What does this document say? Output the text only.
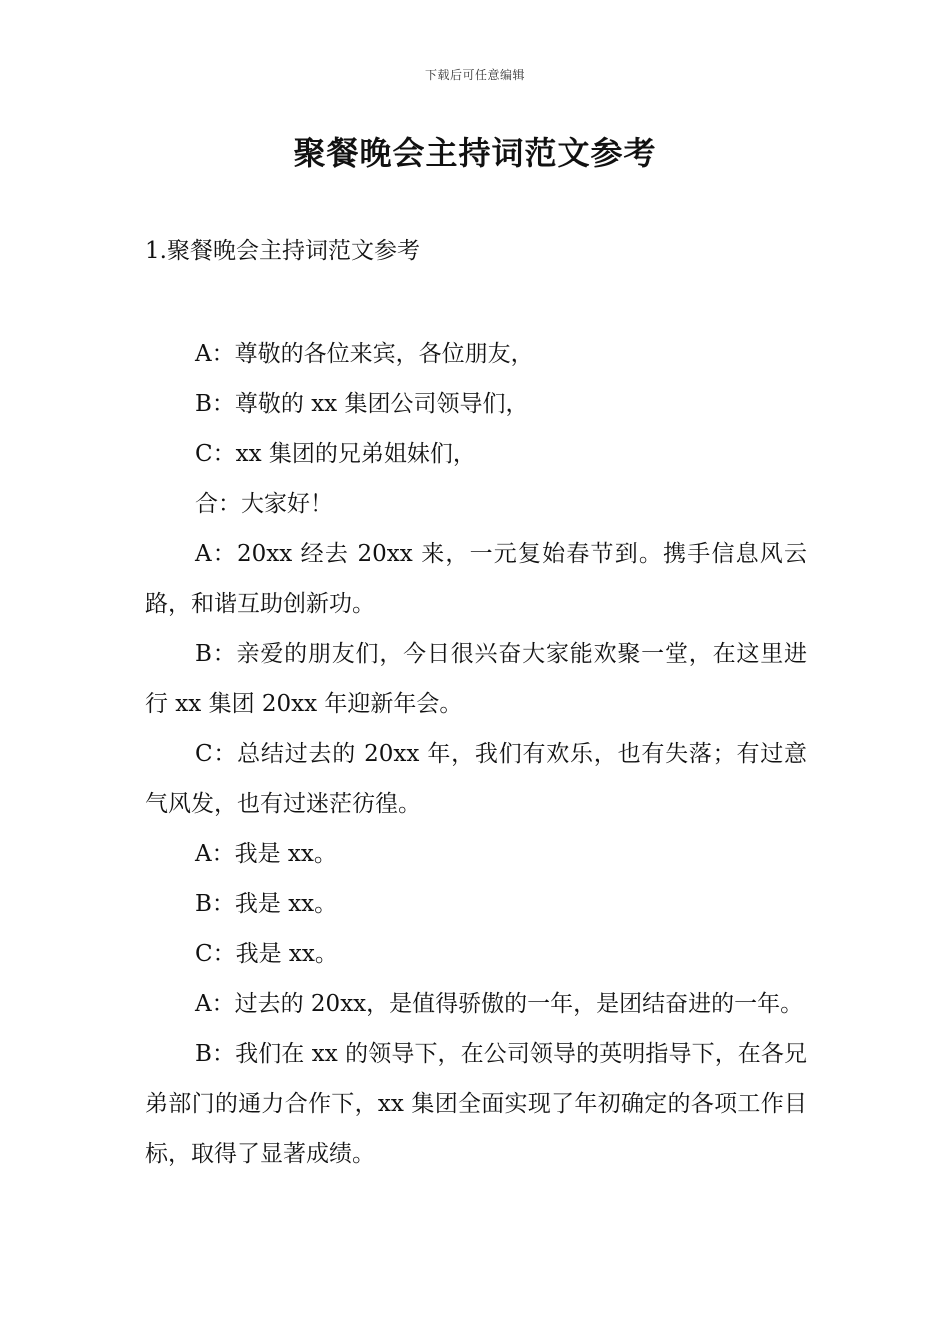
下载后可任意编辑
聚餐晚会主持词范文参考
1.聚餐晚会主持词范文参考

A：尊敬的各位来宾，各位朋友，

B：尊敬的 xx 集团公司领导们，

C：xx 集团的兄弟姐妹们，

合：大家好！

A：20xx 经去 20xx 来，一元复始春节到。携手信息风云路，和谐互助创新功。

B：亲爱的朋友们，今日很兴奋大家能欢聚一堂，在这里进行 xx 集团 20xx 年迎新年会。

C：总结过去的 20xx 年，我们有欢乐，也有失落；有过意气风发，也有过迷茫彷徨。

A：我是 xx。

B：我是 xx。

C：我是 xx。

A：过去的 20xx，是值得骄傲的一年，是团结奋进的一年。

B：我们在 xx 的领导下，在公司领导的英明指导下，在各兄弟部门的通力合作下，xx 集团全面实现了年初确定的各项工作目标，取得了显著成绩。
